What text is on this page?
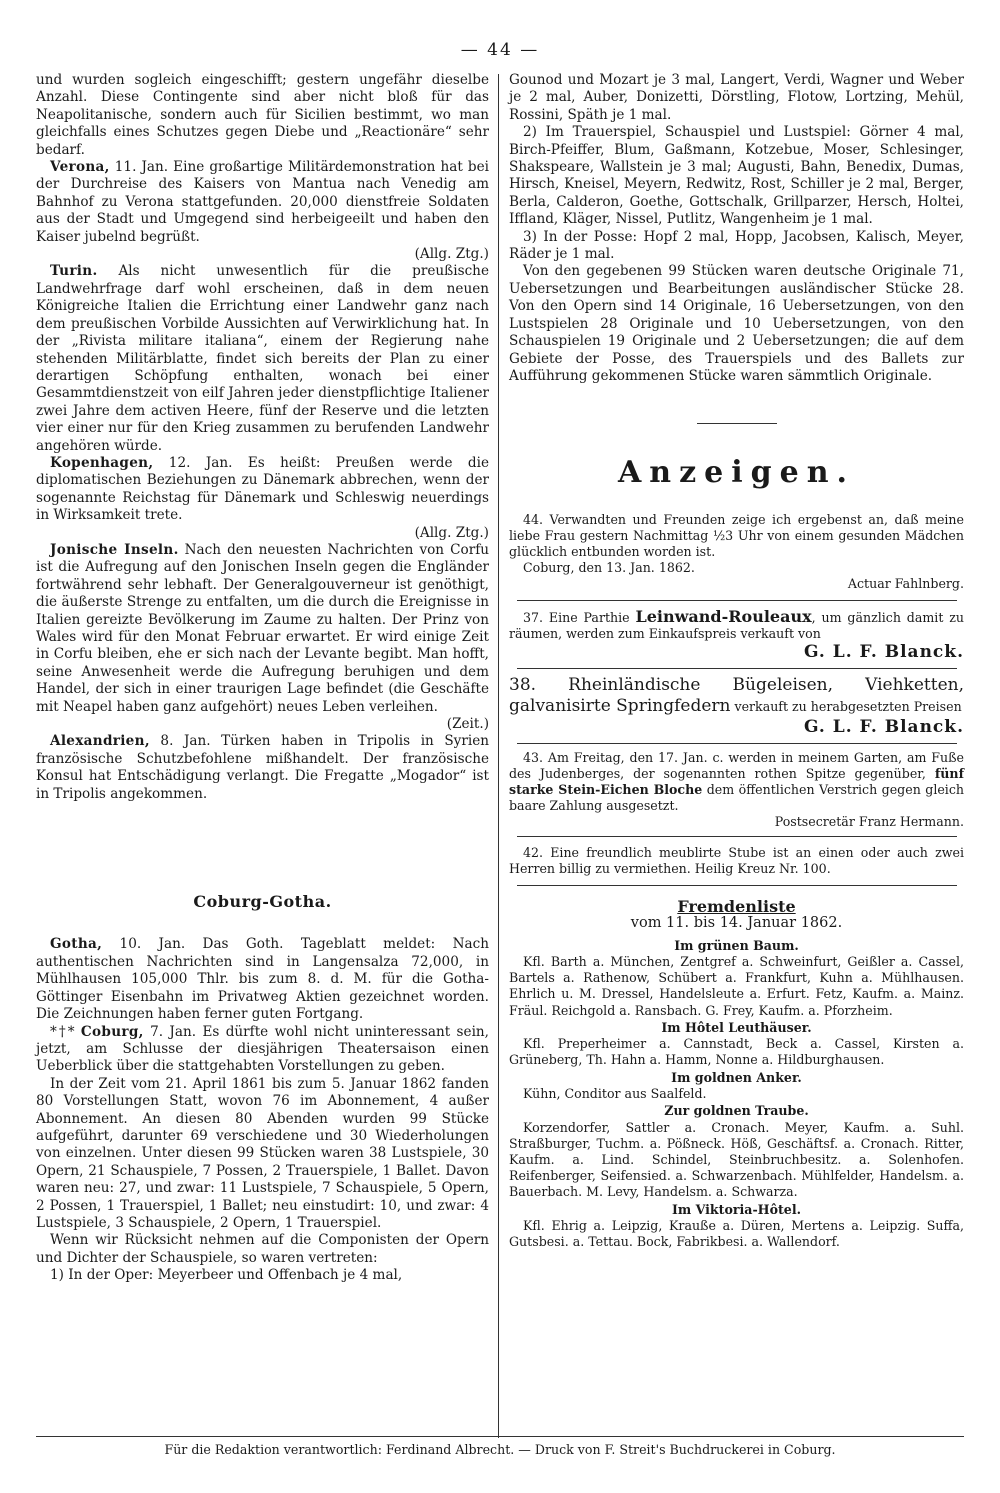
— 44 —

und wurden sogleich eingeschifft; gestern ungefähr dieselbe Anzahl. Diese Contingente sind aber nicht bloß für das Neapolitanische, sondern auch für Sicilien bestimmt, wo man gleichfalls eines Schutzes gegen Diebe und „Reactionäre“ sehr bedarf.

Verona, 11. Jan. Eine großartige Militärdemonstration hat bei der Durchreise des Kaisers von Mantua nach Venedig am Bahnhof zu Verona stattgefunden. 20,000 dienstfreie Soldaten aus der Stadt und Umgegend sind herbeigeeilt und haben den Kaiser jubelnd begrüßt.
(Allg. Ztg.)

Turin. Als nicht unwesentlich für die preußische Landwehrfrage darf wohl erscheinen, daß in dem neuen Königreiche Italien die Errichtung einer Landwehr ganz nach dem preußischen Vorbilde Aussichten auf Verwirklichung hat. In der „Rivista militare italiana“, einem der Regierung nahe stehenden Militärblatte, findet sich bereits der Plan zu einer derartigen Schöpfung enthalten, wonach bei einer Gesammtdienstzeit von eilf Jahren jeder dienstpflichtige Italiener zwei Jahre dem activen Heere, fünf der Reserve und die letzten vier einer nur für den Krieg zusammen zu berufenden Landwehr angehören würde.

Kopenhagen, 12. Jan. Es heißt: Preußen werde die diplomatischen Beziehungen zu Dänemark abbrechen, wenn der sogenannte Reichstag für Dänemark und Schleswig neuerdings in Wirksamkeit trete.
(Allg. Ztg.)

Jonische Inseln. Nach den neuesten Nachrichten von Corfu ist die Aufregung auf den Jonischen Inseln gegen die Engländer fortwährend sehr lebhaft. Der Generalgouverneur ist genöthigt, die äußerste Strenge zu entfalten, um die durch die Ereignisse in Italien gereizte Bevölkerung im Zaume zu halten. Der Prinz von Wales wird für den Monat Februar erwartet. Er wird einige Zeit in Corfu bleiben, ehe er sich nach der Levante begibt. Man hofft, seine Anwesenheit werde die Aufregung beruhigen und dem Handel, der sich in einer traurigen Lage befindet (die Geschäfte mit Neapel haben ganz aufgehört) neues Leben verleihen.
(Zeit.)

Alexandrien, 8. Jan. Türken haben in Tripolis in Syrien französische Schutzbefohlene mißhandelt. Der französische Konsul hat Entschädigung verlangt. Die Fregatte „Mogador“ ist in Tripolis angekommen.

Coburg-Gotha.

Gotha, 10. Jan. Das Goth. Tageblatt meldet: Nach authentischen Nachrichten sind in Langensalza 72,000, in Mühlhausen 105,000 Thlr. bis zum 8. d. M. für die Gotha-Göttinger Eisenbahn im Privatweg Aktien gezeichnet worden. Die Zeichnungen haben ferner guten Fortgang.

*†* Coburg, 7. Jan. Es dürfte wohl nicht uninteressant sein, jetzt, am Schlusse der diesjährigen Theatersaison einen Ueberblick über die stattgehabten Vorstellungen zu geben.

In der Zeit vom 21. April 1861 bis zum 5. Januar 1862 fanden 80 Vorstellungen Statt, wovon 76 im Abonnement, 4 außer Abonnement. An diesen 80 Abenden wurden 99 Stücke aufgeführt, darunter 69 verschiedene und 30 Wiederholungen von einzelnen. Unter diesen 99 Stücken waren 38 Lustspiele, 30 Opern, 21 Schauspiele, 7 Possen, 2 Trauerspiele, 1 Ballet. Davon waren neu: 27, und zwar: 11 Lustspiele, 7 Schauspiele, 5 Opern, 2 Possen, 1 Trauerspiel, 1 Ballet; neu einstudirt: 10, und zwar: 4 Lustspiele, 3 Schauspiele, 2 Opern, 1 Trauerspiel.

Wenn wir Rücksicht nehmen auf die Componisten der Opern und Dichter der Schauspiele, so waren vertreten:

1) In der Oper: Meyerbeer und Offenbach je 4 mal,

Gounod und Mozart je 3 mal, Langert, Verdi, Wagner und Weber je 2 mal, Auber, Donizetti, Dörstling, Flotow, Lortzing, Mehül, Rossini, Späth je 1 mal.

2) Im Trauerspiel, Schauspiel und Lustspiel: Görner 4 mal, Birch-Pfeiffer, Blum, Gaßmann, Kotzebue, Moser, Schlesinger, Shakspeare, Wallstein je 3 mal; Augusti, Bahn, Benedix, Dumas, Hirsch, Kneisel, Meyern, Redwitz, Rost, Schiller je 2 mal, Berger, Berla, Calderon, Goethe, Gottschalk, Grillparzer, Hersch, Holtei, Iffland, Kläger, Nissel, Putlitz, Wangenheim je 1 mal.

3) In der Posse: Hopf 2 mal, Hopp, Jacobsen, Kalisch, Meyer, Räder je 1 mal.

Von den gegebenen 99 Stücken waren deutsche Originale 71, Uebersetzungen und Bearbeitungen ausländischer Stücke 28. Von den Opern sind 14 Originale, 16 Uebersetzungen, von den Lustspielen 28 Originale und 10 Uebersetzungen, von den Schauspielen 19 Originale und 2 Uebersetzungen; die auf dem Gebiete der Posse, des Trauerspiels und des Ballets zur Aufführung gekommenen Stücke waren sämmtlich Originale.

Anzeigen.

44. Verwandten und Freunden zeige ich ergebenst an, daß meine liebe Frau gestern Nachmittag ½3 Uhr von einem gesunden Mädchen glücklich entbunden worden ist.

Coburg, den 13. Jan. 1862.

Actuar Fahlnberg.

37. Eine Parthie Leinwand-Rouleaux, um gänzlich damit zu räumen, werden zum Einkaufspreis verkauft von

G. L. F. Blanck.

38. Rheinländische Bügeleisen, Viehketten, galvanisirte Springfedern verkauft zu herabgesetzten Preisen

G. L. F. Blanck.

43. Am Freitag, den 17. Jan. c. werden in meinem Garten, am Fuße des Judenberges, der sogenannten rothen Spitze gegenüber, fünf starke Stein-Eichen Bloche dem öffentlichen Verstrich gegen gleich baare Zahlung ausgesetzt.

Postsecretär Franz Hermann.

42. Eine freundlich meublirte Stube ist an einen oder auch zwei Herren billig zu vermiethen. Heilig Kreuz Nr. 100.

Fremdenliste

vom 11. bis 14. Januar 1862.

Im grünen Baum.

Kfl. Barth a. München, Zentgref a. Schweinfurt, Geißler a. Cassel, Bartels a. Rathenow, Schübert a. Frankfurt, Kuhn a. Mühlhausen. Ehrlich u. M. Dressel, Handelsleute a. Erfurt. Fetz, Kaufm. a. Mainz. Fräul. Reichgold a. Ransbach. G. Frey, Kaufm. a. Pforzheim.

Im Hôtel Leuthäuser.

Kfl. Preperheimer a. Cannstadt, Beck a. Cassel, Kirsten a. Grüneberg, Th. Hahn a. Hamm, Nonne a. Hildburghausen.

Im goldnen Anker.

Kühn, Conditor aus Saalfeld.

Zur goldnen Traube.

Korzendorfer, Sattler a. Cronach. Meyer, Kaufm. a. Suhl. Straßburger, Tuchm. a. Pößneck. Höß, Geschäftsf. a. Cronach. Ritter, Kaufm. a. Lind. Schindel, Steinbruchbesitz. a. Solenhofen. Reifenberger, Seifensied. a. Schwarzenbach. Mühlfelder, Handelsm. a. Bauerbach. M. Levy, Handelsm. a. Schwarza.

Im Viktoria-Hôtel.

Kfl. Ehrig a. Leipzig, Krauße a. Düren, Mertens a. Leipzig. Suffa, Gutsbesi. a. Tettau. Bock, Fabrikbesi. a. Wallendorf.

Für die Redaktion verantwortlich: Ferdinand Albrecht. — Druck von F. Streit's Buchdruckerei in Coburg.
